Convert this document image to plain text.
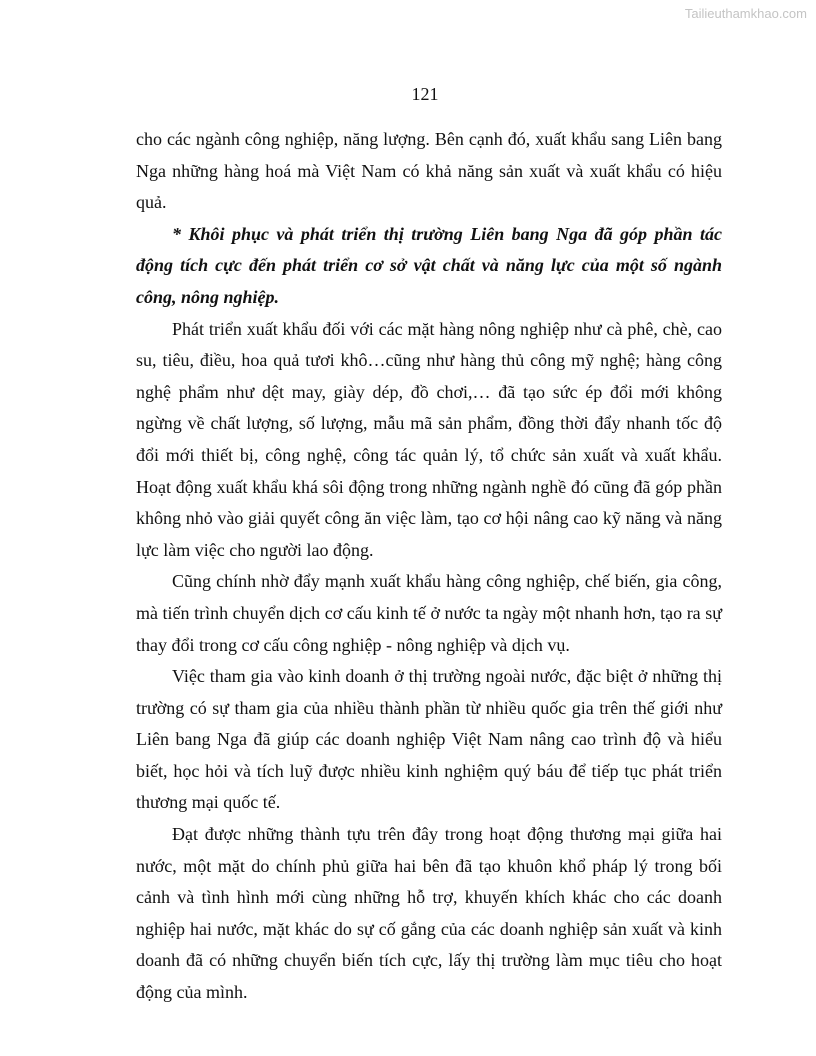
Tailieuthamkhao.com
121

cho các ngành công nghiệp, năng lượng. Bên cạnh đó, xuất khẩu sang Liên bang Nga những hàng hoá mà Việt Nam có khả năng sản xuất và xuất khẩu có hiệu quả.

* Khôi phục và phát triển thị trường Liên bang Nga đã góp phần tác động tích cực đến phát triển cơ sở vật chất và năng lực của một số ngành công, nông nghiệp.

Phát triển xuất khẩu đối với các mặt hàng nông nghiệp như cà phê, chè, cao su, tiêu, điều, hoa quả tươi khô…cũng như hàng thủ công mỹ nghệ; hàng công nghệ phẩm như dệt may, giày dép, đồ chơi,… đã tạo sức ép đổi mới không ngừng về chất lượng, số lượng, mẫu mã sản phẩm, đồng thời đẩy nhanh tốc độ đổi mới thiết bị, công nghệ, công tác quản lý, tổ chức sản xuất và xuất khẩu. Hoạt động xuất khẩu khá sôi động trong những ngành nghề đó cũng đã góp phần không nhỏ vào giải quyết công ăn việc làm, tạo cơ hội nâng cao kỹ năng và năng lực làm việc cho người lao động.

Cũng chính nhờ đẩy mạnh xuất khẩu hàng công nghiệp, chế biến, gia công, mà tiến trình chuyển dịch cơ cấu kinh tế ở nước ta ngày một nhanh hơn, tạo ra sự thay đổi trong cơ cấu công nghiệp - nông nghiệp và dịch vụ.

Việc tham gia vào kinh doanh ở thị trường ngoài nước, đặc biệt ở những thị trường có sự tham gia của nhiều thành phần từ nhiều quốc gia trên thế giới như Liên bang Nga đã giúp các doanh nghiệp Việt Nam nâng cao trình độ và hiểu biết, học hỏi và tích luỹ được nhiều kinh nghiệm quý báu để tiếp tục phát triển thương mại quốc tế.

Đạt được những thành tựu trên đây trong hoạt động thương mại giữa hai nước, một mặt do chính phủ giữa hai bên đã tạo khuôn khổ pháp lý trong bối cảnh và tình hình mới cùng những hỗ trợ, khuyến khích khác cho các doanh nghiệp hai nước, mặt khác do sự cố gắng của các doanh nghiệp sản xuất và kinh doanh đã có những chuyển biến tích cực, lấy thị trường làm mục tiêu cho hoạt động của mình.
